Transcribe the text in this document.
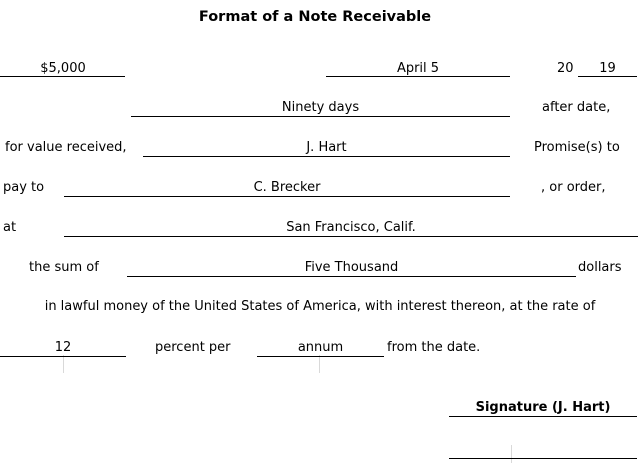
Format of a Note Receivable
$5,000	April 5	20	19
Ninety days	after date,
for value received,	J. Hart	Promise(s) to
pay to	C. Brecker	, or order,
at	San Francisco, Calif.
the sum of	Five Thousand	dollars
in lawful money of the United States of America, with interest thereon, at the rate of
12	percent per	annum	from the date.
Signature (J. Hart)
